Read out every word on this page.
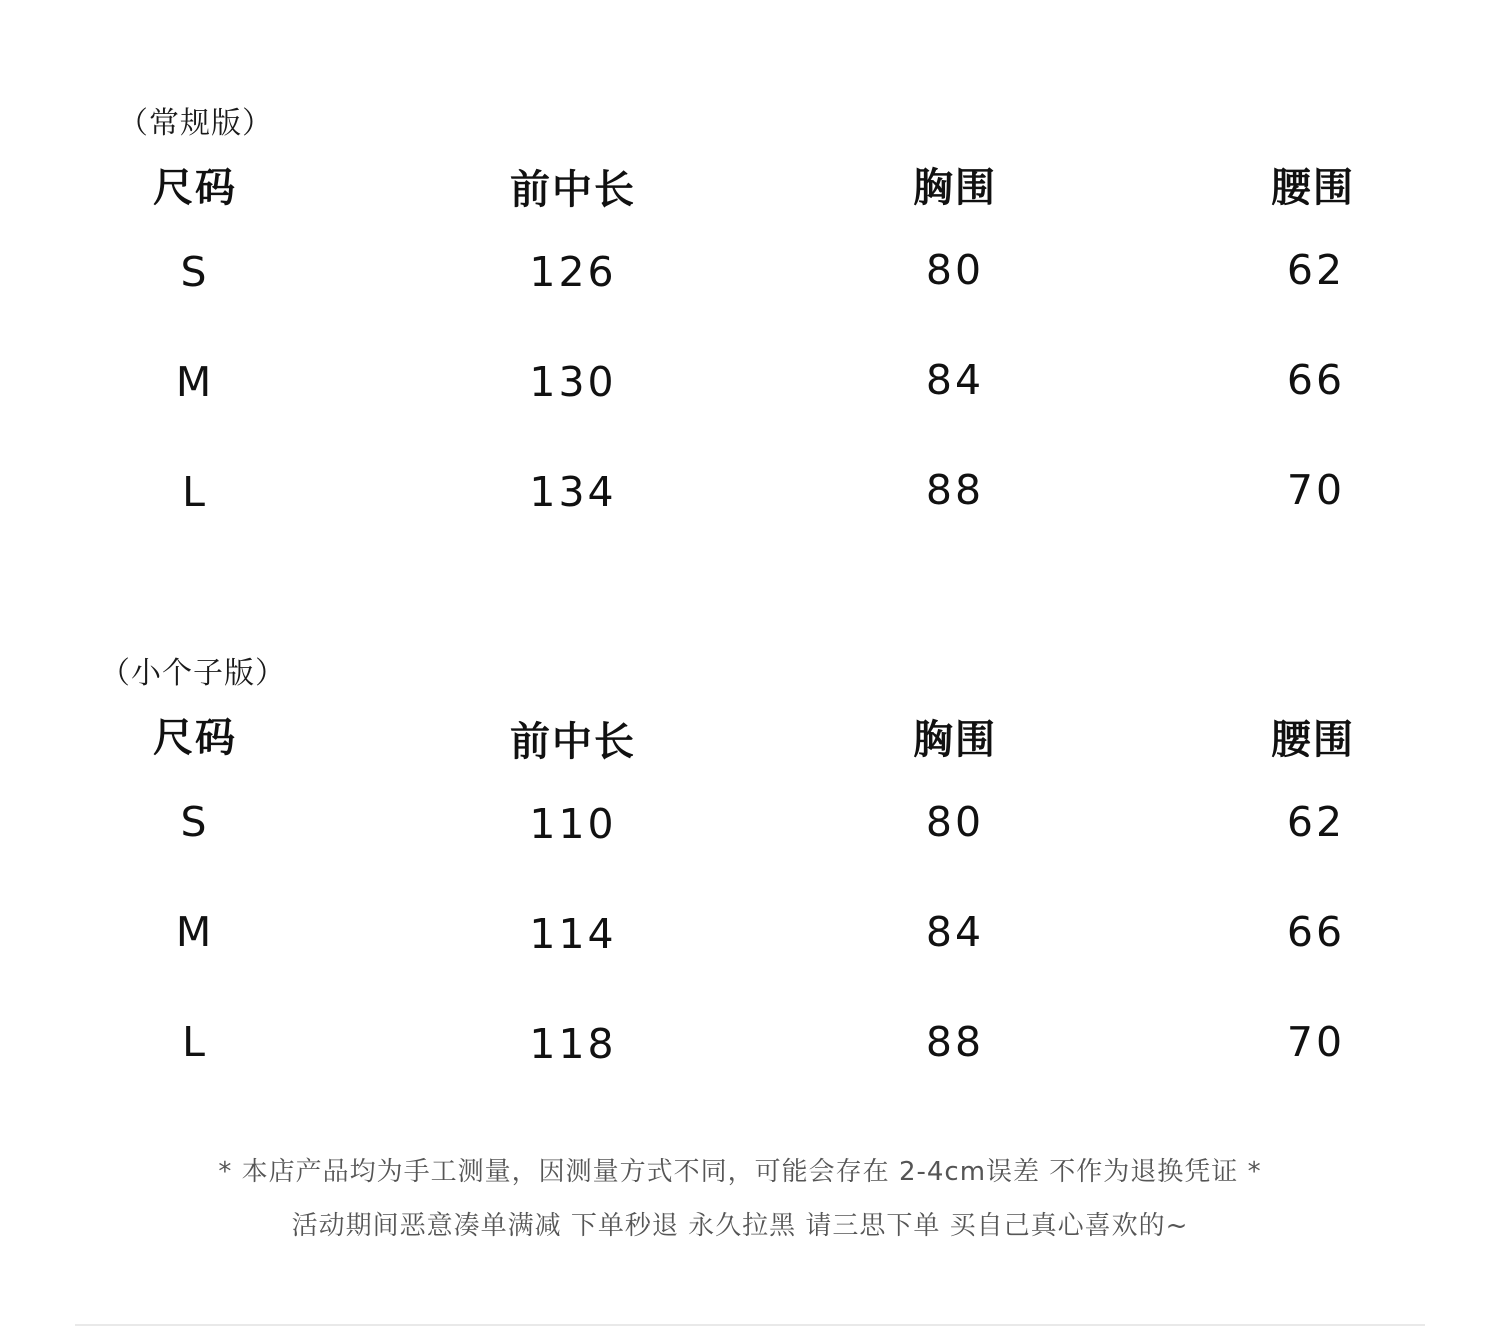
（常规版）
尺码	前中长	胸围	腰围
S	126	80	62
M	130	84	66
L	134	88	70
（小个子版）
尺码	前中长	胸围	腰围
S	110	80	62
M	114	84	66
L	118	88	70
* 本店产品均为手工测量，因测量方式不同，可能会存在 2-4cm误差 不作为退换凭证 *
活动期间恶意凑单满减 下单秒退 永久拉黑 请三思下单 买自己真心喜欢的~
